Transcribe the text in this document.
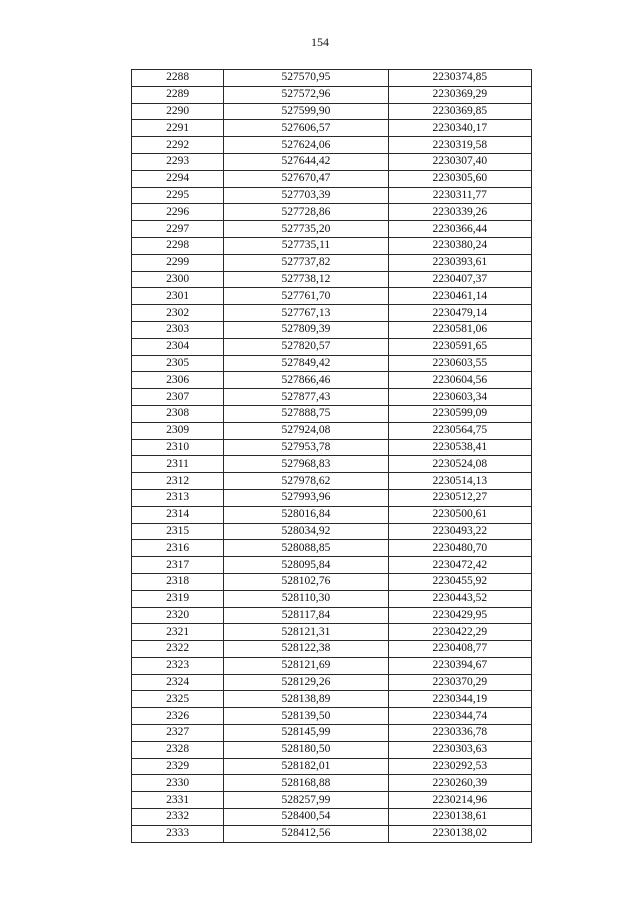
154
2288	527570,95	2230374,85
2289	527572,96	2230369,29
2290	527599,90	2230369,85
2291	527606,57	2230340,17
2292	527624,06	2230319,58
2293	527644,42	2230307,40
2294	527670,47	2230305,60
2295	527703,39	2230311,77
2296	527728,86	2230339,26
2297	527735,20	2230366,44
2298	527735,11	2230380,24
2299	527737,82	2230393,61
2300	527738,12	2230407,37
2301	527761,70	2230461,14
2302	527767,13	2230479,14
2303	527809,39	2230581,06
2304	527820,57	2230591,65
2305	527849,42	2230603,55
2306	527866,46	2230604,56
2307	527877,43	2230603,34
2308	527888,75	2230599,09
2309	527924,08	2230564,75
2310	527953,78	2230538,41
2311	527968,83	2230524,08
2312	527978,62	2230514,13
2313	527993,96	2230512,27
2314	528016,84	2230500,61
2315	528034,92	2230493,22
2316	528088,85	2230480,70
2317	528095,84	2230472,42
2318	528102,76	2230455,92
2319	528110,30	2230443,52
2320	528117,84	2230429,95
2321	528121,31	2230422,29
2322	528122,38	2230408,77
2323	528121,69	2230394,67
2324	528129,26	2230370,29
2325	528138,89	2230344,19
2326	528139,50	2230344,74
2327	528145,99	2230336,78
2328	528180,50	2230303,63
2329	528182,01	2230292,53
2330	528168,88	2230260,39
2331	528257,99	2230214,96
2332	528400,54	2230138,61
2333	528412,56	2230138,02
